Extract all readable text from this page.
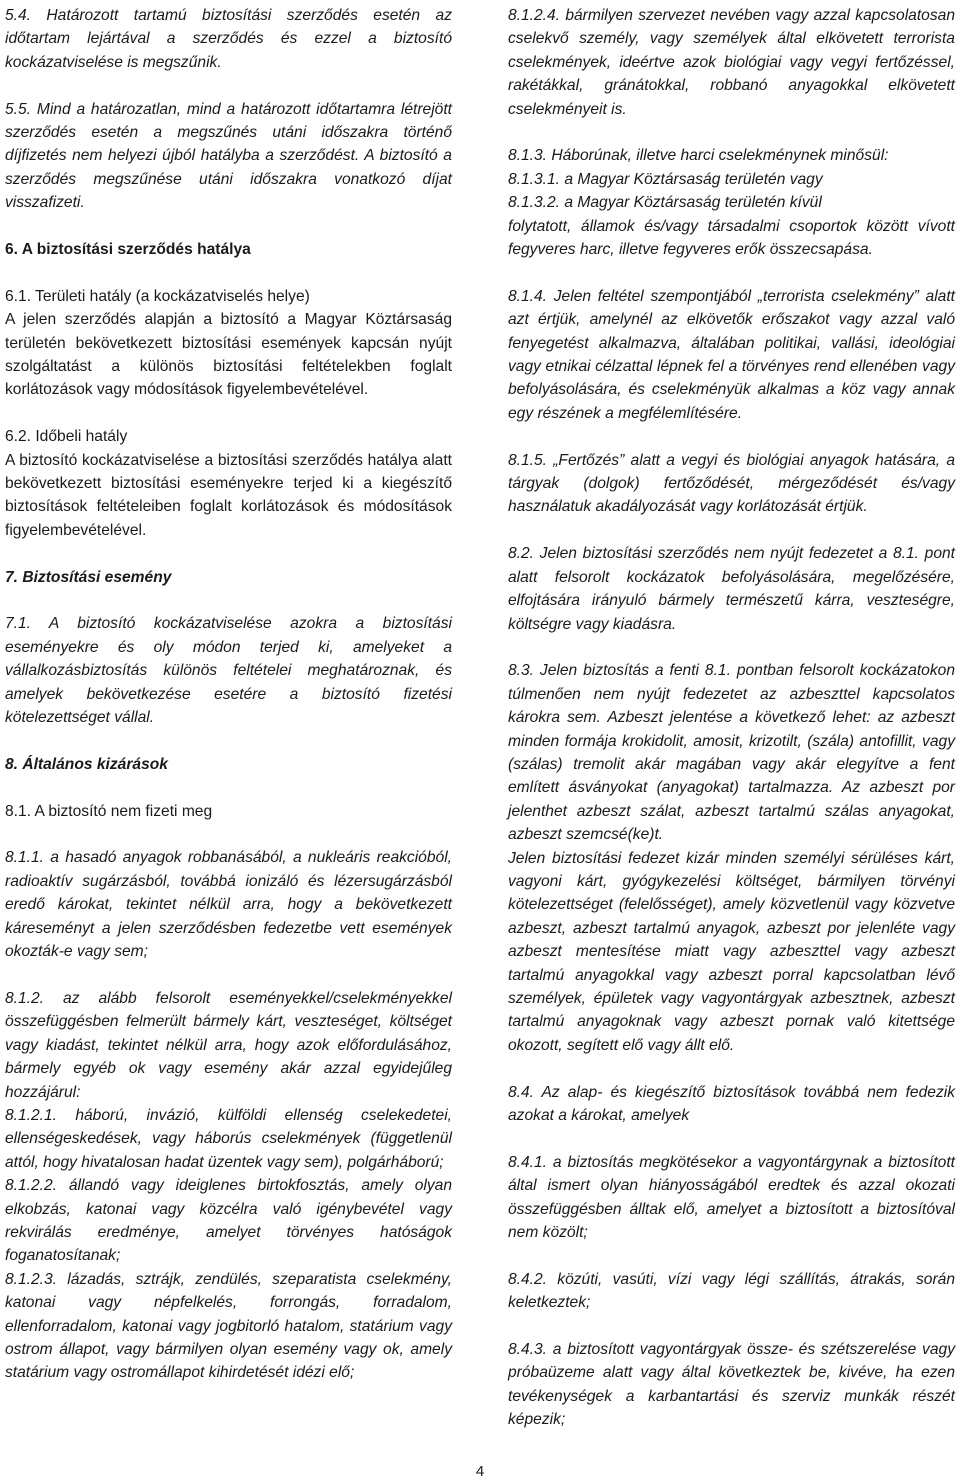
5.4. Határozott tartamú biztosítási szerződés esetén az időtartam lejártával a szerződés és ezzel a biztosító kockázatviselése is megszűnik.

5.5. Mind a határozatlan, mind a határozott időtartamra létrejött szerződés esetén a megszűnés utáni időszakra történő díjfizetés nem helyezi újból hatályba a szerződést. A biztosító a szerződés megszűnése utáni időszakra vonatkozó díjat visszafizeti.

6. A biztosítási szerződés hatálya

6.1. Területi hatály (a kockázatviselés helye)

A jelen szerződés alapján a biztosító a Magyar Köztársaság területén bekövetkezett biztosítási események kapcsán nyújt szolgáltatást a különös biztosítási feltételekben foglalt korlátozások vagy módosítások figyelembevételével.

6.2. Időbeli hatály

A biztosító kockázatviselése a biztosítási szerződés hatálya alatt bekövetkezett biztosítási eseményekre terjed ki a kiegészítő biztosítások feltételeiben foglalt korlátozások és módosítások figyelembevételével.

7. Biztosítási esemény

7.1. A biztosító kockázatviselése azokra a biztosítási eseményekre és oly módon terjed ki, amelyeket a vállalkozásbiztosítás különös feltételei meghatároznak, és amelyek bekövetkezése esetére a biztosító fizetési kötelezettséget vállal.

8. Általános kizárások

8.1. A biztosító nem fizeti meg

8.1.1. a hasadó anyagok robbanásából, a nukleáris reakcióból, radioaktív sugárzásból, továbbá ionizáló és lézersugárzásból eredő károkat, tekintet nélkül arra, hogy a bekövetkezett káreseményt a jelen szerződésben fedezetbe vett események okozták-e vagy sem;

8.1.2. az alább felsorolt eseményekkel/cselekményekkel összefüggésben felmerült bármely kárt, veszteséget, költséget vagy kiadást, tekintet nélkül arra, hogy azok előfordulásához, bármely egyéb ok vagy esemény akár azzal egyidejűleg hozzájárul:

8.1.2.1. háború, invázió, külföldi ellenség cselekedetei, ellenségeskedések, vagy háborús cselekmények (függetlenül attól, hogy hivatalosan hadat üzentek vagy sem), polgárháború;

8.1.2.2. állandó vagy ideiglenes birtokfosztás, amely olyan elkobzás, katonai vagy közcélra való igénybevétel vagy rekvirálás eredménye, amelyet törvényes hatóságok foganatosítanak;

8.1.2.3. lázadás, sztrájk, zendülés, szeparatista cselekmény, katonai vagy népfelkelés, forrongás, forradalom, ellenforradalom, katonai vagy jogbitorló hatalom, statárium vagy ostrom állapot, vagy bármilyen olyan esemény vagy ok, amely statárium vagy ostromállapot kihirdetését idézi elő;

8.1.2.4. bármilyen szervezet nevében vagy azzal kapcsolatosan cselekvő személy, vagy személyek által elkövetett terrorista cselekmények, ideértve azok biológiai vagy vegyi fertőzéssel, rakétákkal, gránátokkal, robbanó anyagokkal elkövetett cselekményeit is.

8.1.3. Háborúnak, illetve harci cselekménynek minősül:

8.1.3.1. a Magyar Köztársaság területén vagy

8.1.3.2. a Magyar Köztársaság területén kívül

folytatott, államok és/vagy társadalmi csoportok között vívott fegyveres harc, illetve fegyveres erők összecsapása.

8.1.4. Jelen feltétel szempontjából „terrorista cselekmény” alatt azt értjük, amelynél az elkövetők erőszakot vagy azzal való fenyegetést alkalmazva, általában politikai, vallási, ideológiai vagy etnikai célzattal lépnek fel a törvényes rend ellenében vagy befolyásolására, és cselekményük alkalmas a köz vagy annak egy részének a megfélemlítésére.

8.1.5. „Fertőzés” alatt a vegyi és biológiai anyagok hatására, a tárgyak (dolgok) fertőződését, mérgeződését és/vagy használatuk akadályozását vagy korlátozását értjük.

8.2. Jelen biztosítási szerződés nem nyújt fedezetet a 8.1. pont alatt felsorolt kockázatok befolyásolására, megelőzésére, elfojtására irányuló bármely természetű kárra, veszteségre, költségre vagy kiadásra.

8.3. Jelen biztosítás a fenti 8.1. pontban felsorolt kockázatokon túlmenően nem nyújt fedezetet az azbeszttel kapcsolatos károkra sem. Azbeszt jelentése a következő lehet: az azbeszt minden formája krokidolit, amosit, krizotilt, (szála) antofillit, vagy (szálas) tremolit akár magában vagy akár elegyítve a fent említett ásványokat (anyagokat) tartalmazza. Az azbeszt por jelenthet azbeszt szálat, azbeszt tartalmú szálas anyagokat, azbeszt szemcsé(ke)t.

Jelen biztosítási fedezet kizár minden személyi sérüléses kárt, vagyoni kárt, gyógykezelési költséget, bármilyen törvényi kötelezettséget (felelősséget), amely közvetlenül vagy közvetve azbeszt, azbeszt tartalmú anyagok, azbeszt por jelenléte vagy azbeszt mentesítése miatt vagy azbeszttel vagy azbeszt tartalmú anyagokkal vagy azbeszt porral kapcsolatban lévő személyek, épületek vagy vagyontárgyak azbesztnek, azbeszt tartalmú anyagoknak vagy azbeszt pornak való kitettsége okozott, segített elő vagy állt elő.

8.4. Az alap- és kiegészítő biztosítások továbbá nem fedezik azokat a károkat, amelyek

8.4.1. a biztosítás megkötésekor a vagyontárgynak a biztosított által ismert olyan hiányosságából eredtek és azzal okozati összefüggésben álltak elő, amelyet a biztosított a biztosítóval nem közölt;

8.4.2. közúti, vasúti, vízi vagy légi szállítás, átrakás, során keletkeztek;

8.4.3. a biztosított vagyontárgyak össze- és szétszerelése vagy próbaüzeme alatt vagy által következtek be, kivéve, ha ezen tevékenységek a karbantartási és szerviz munkák részét képezik;

4
